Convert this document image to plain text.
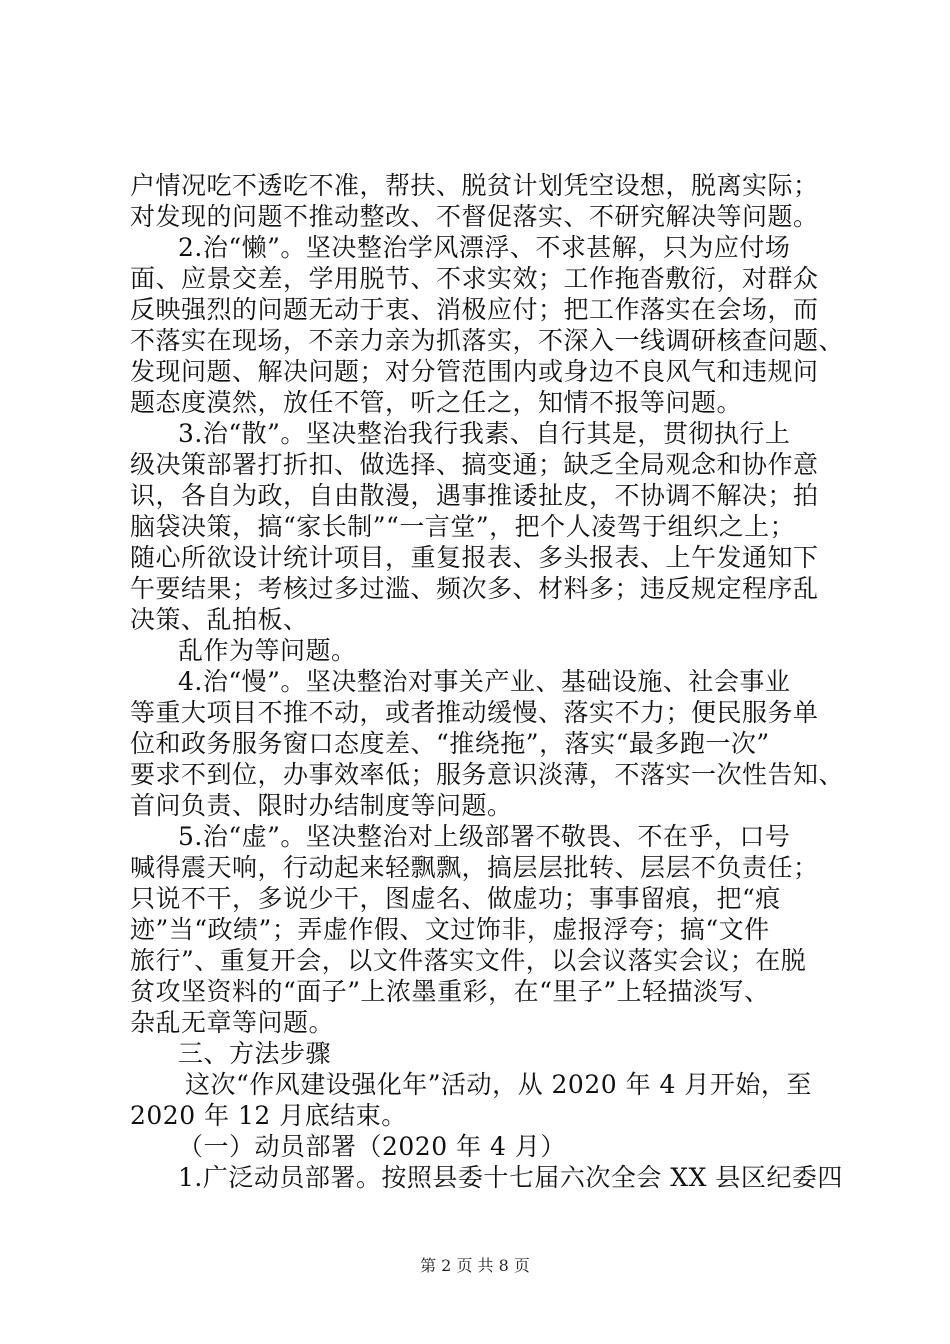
户情况吃不透吃不准，帮扶、脱贫计划凭空设想，脱离实际；
对发现的问题不推动整改、不督促落实、不研究解决等问题。
2.治“懒”。坚决整治学风漂浮、不求甚解，只为应付场
面、应景交差，学用脱节、不求实效；工作拖沓敷衍，对群众
反映强烈的问题无动于衷、消极应付；把工作落实在会场，而
不落实在现场，不亲力亲为抓落实，不深入一线调研核查问题、
发现问题、解决问题；对分管范围内或身边不良风气和违规问
题态度漠然，放任不管，听之任之，知情不报等问题。
3.治“散”。坚决整治我行我素、自行其是，贯彻执行上
级决策部署打折扣、做选择、搞变通；缺乏全局观念和协作意
识，各自为政，自由散漫，遇事推诿扯皮，不协调不解决；拍
脑袋决策，搞“家长制”“一言堂”，把个人凌驾于组织之上；
随心所欲设计统计项目，重复报表、多头报表、上午发通知下
午要结果；考核过多过滥、频次多、材料多；违反规定程序乱
决策、乱拍板、
乱作为等问题。
4.治“慢”。坚决整治对事关产业、基础设施、社会事业
等重大项目不推不动，或者推动缓慢、落实不力；便民服务单
位和政务服务窗口态度差、“推绕拖”，落实“最多跑一次”
要求不到位，办事效率低；服务意识淡薄，不落实一次性告知、
首问负责、限时办结制度等问题。
5.治“虚”。坚决整治对上级部署不敬畏、不在乎，口号
喊得震天响，行动起来轻飘飘，搞层层批转、层层不负责任；
只说不干，多说少干，图虚名、做虚功；事事留痕，把“痕
迹”当“政绩”；弄虚作假、文过饰非，虚报浮夸；搞“文件
旅行”、重复开会，以文件落实文件，以会议落实会议；在脱
贫攻坚资料的“面子”上浓墨重彩，在“里子”上轻描淡写、
杂乱无章等问题。
三、方法步骤
这次“作风建设强化年”活动，从 2020 年 4 月开始，至
2020 年 12 月底结束。
（一）动员部署（2020 年 4 月）
1.广泛动员部署。按照县委十七届六次全会 XX 县区纪委四
第 2 页 共 8 页
